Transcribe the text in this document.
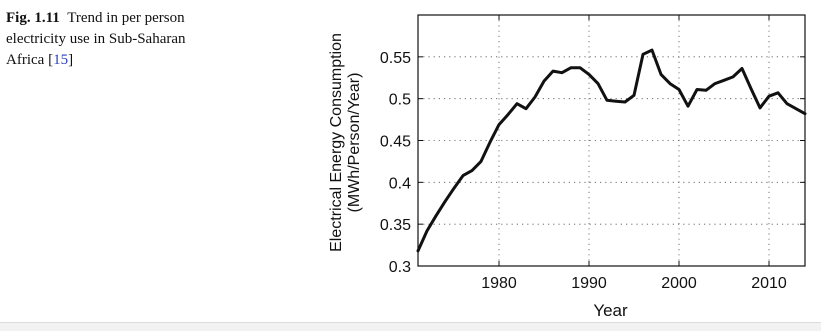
Fig. 1.11 Trend in per person electricity use in Sub-Saharan Africa [15]
1980	1990	2000	2010
0.3
0.35
0.4
0.45
0.5
0.55
Year
Electrical Energy Consumption(MWh/Person/Year)
